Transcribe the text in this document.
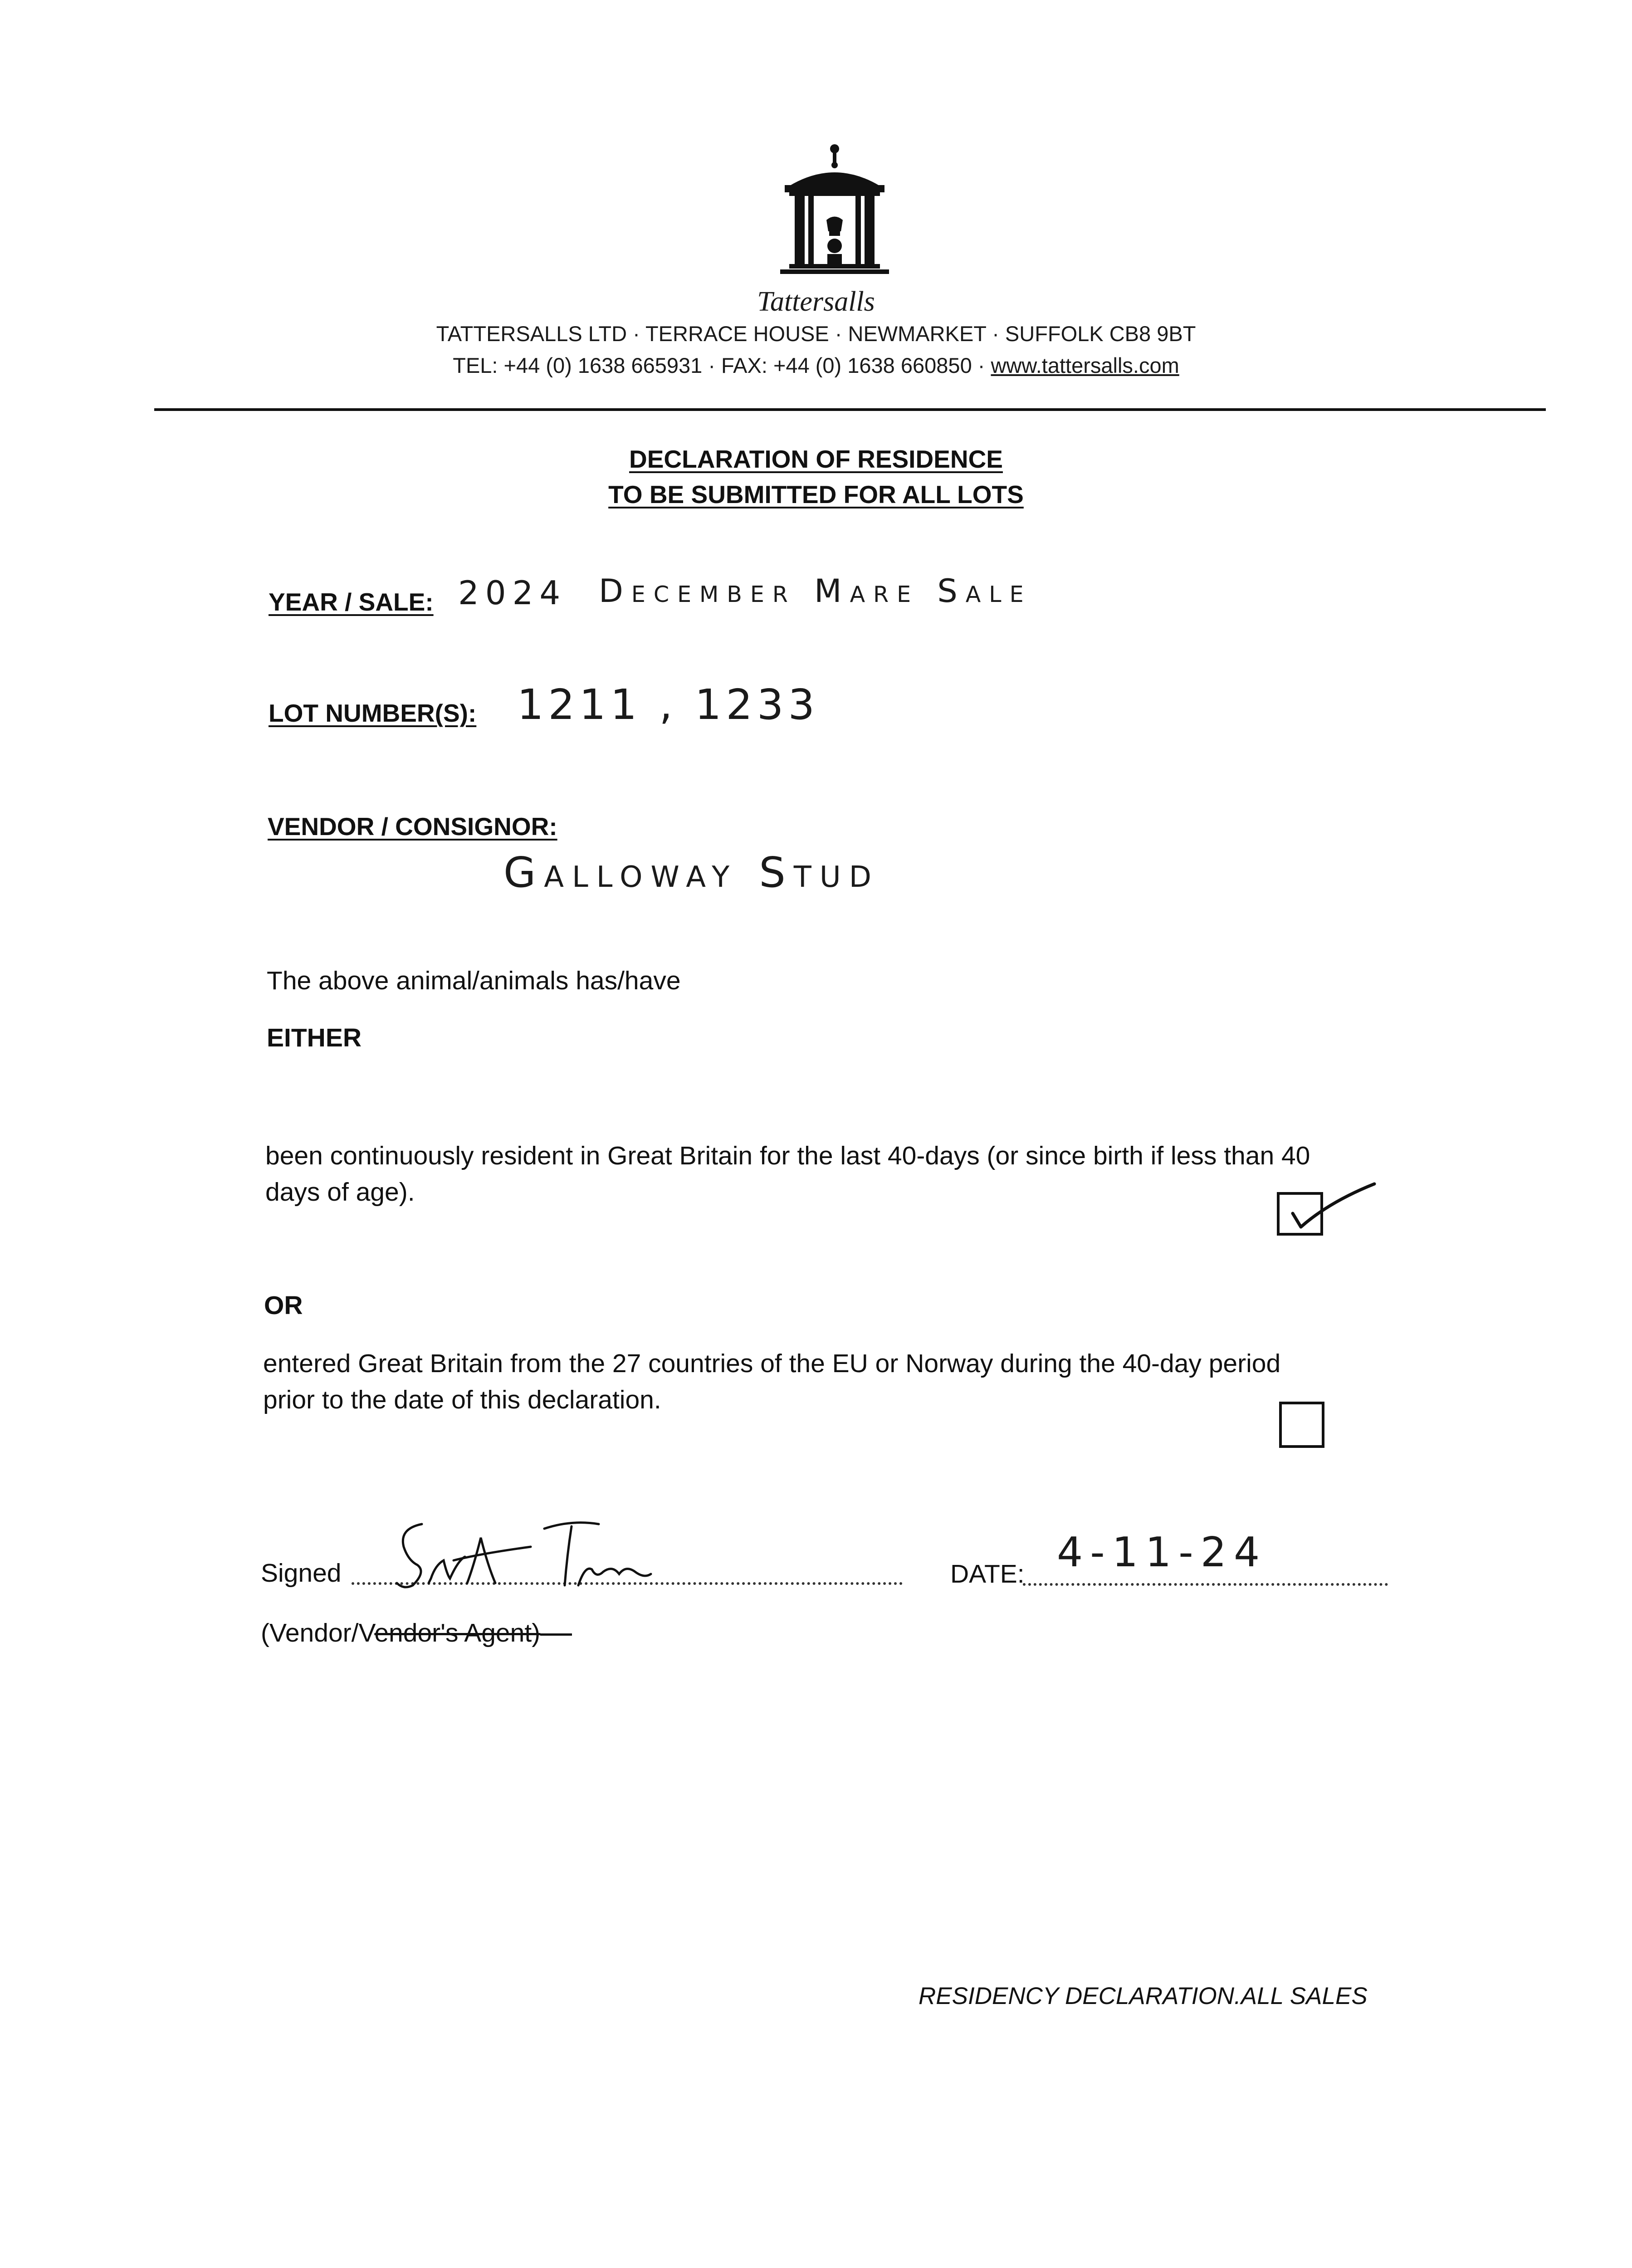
Tattersalls
TATTERSALLS LTD · TERRACE HOUSE · NEWMARKET · SUFFOLK CB8 9BT
TEL: +44 (0) 1638 665931 · FAX: +44 (0) 1638 660850 · www.tattersalls.com
DECLARATION OF RESIDENCE
TO BE SUBMITTED FOR ALL LOTS
YEAR / SALE: 2024 December Mare Sale
LOT NUMBER(S): 1211 , 1233
VENDOR / CONSIGNOR:
Galloway Stud
The above animal/animals has/have
EITHER
been continuously resident in Great Britain for the last 40-days (or since birth if less than 40
days of age).
OR
entered Great Britain from the 27 countries of the EU or Norway during the 40-day period
prior to the date of this declaration.
Signed
(Vendor/Vendor's Agent)
DATE: 4-11-24
RESIDENCY DECLARATION.ALL SALES
